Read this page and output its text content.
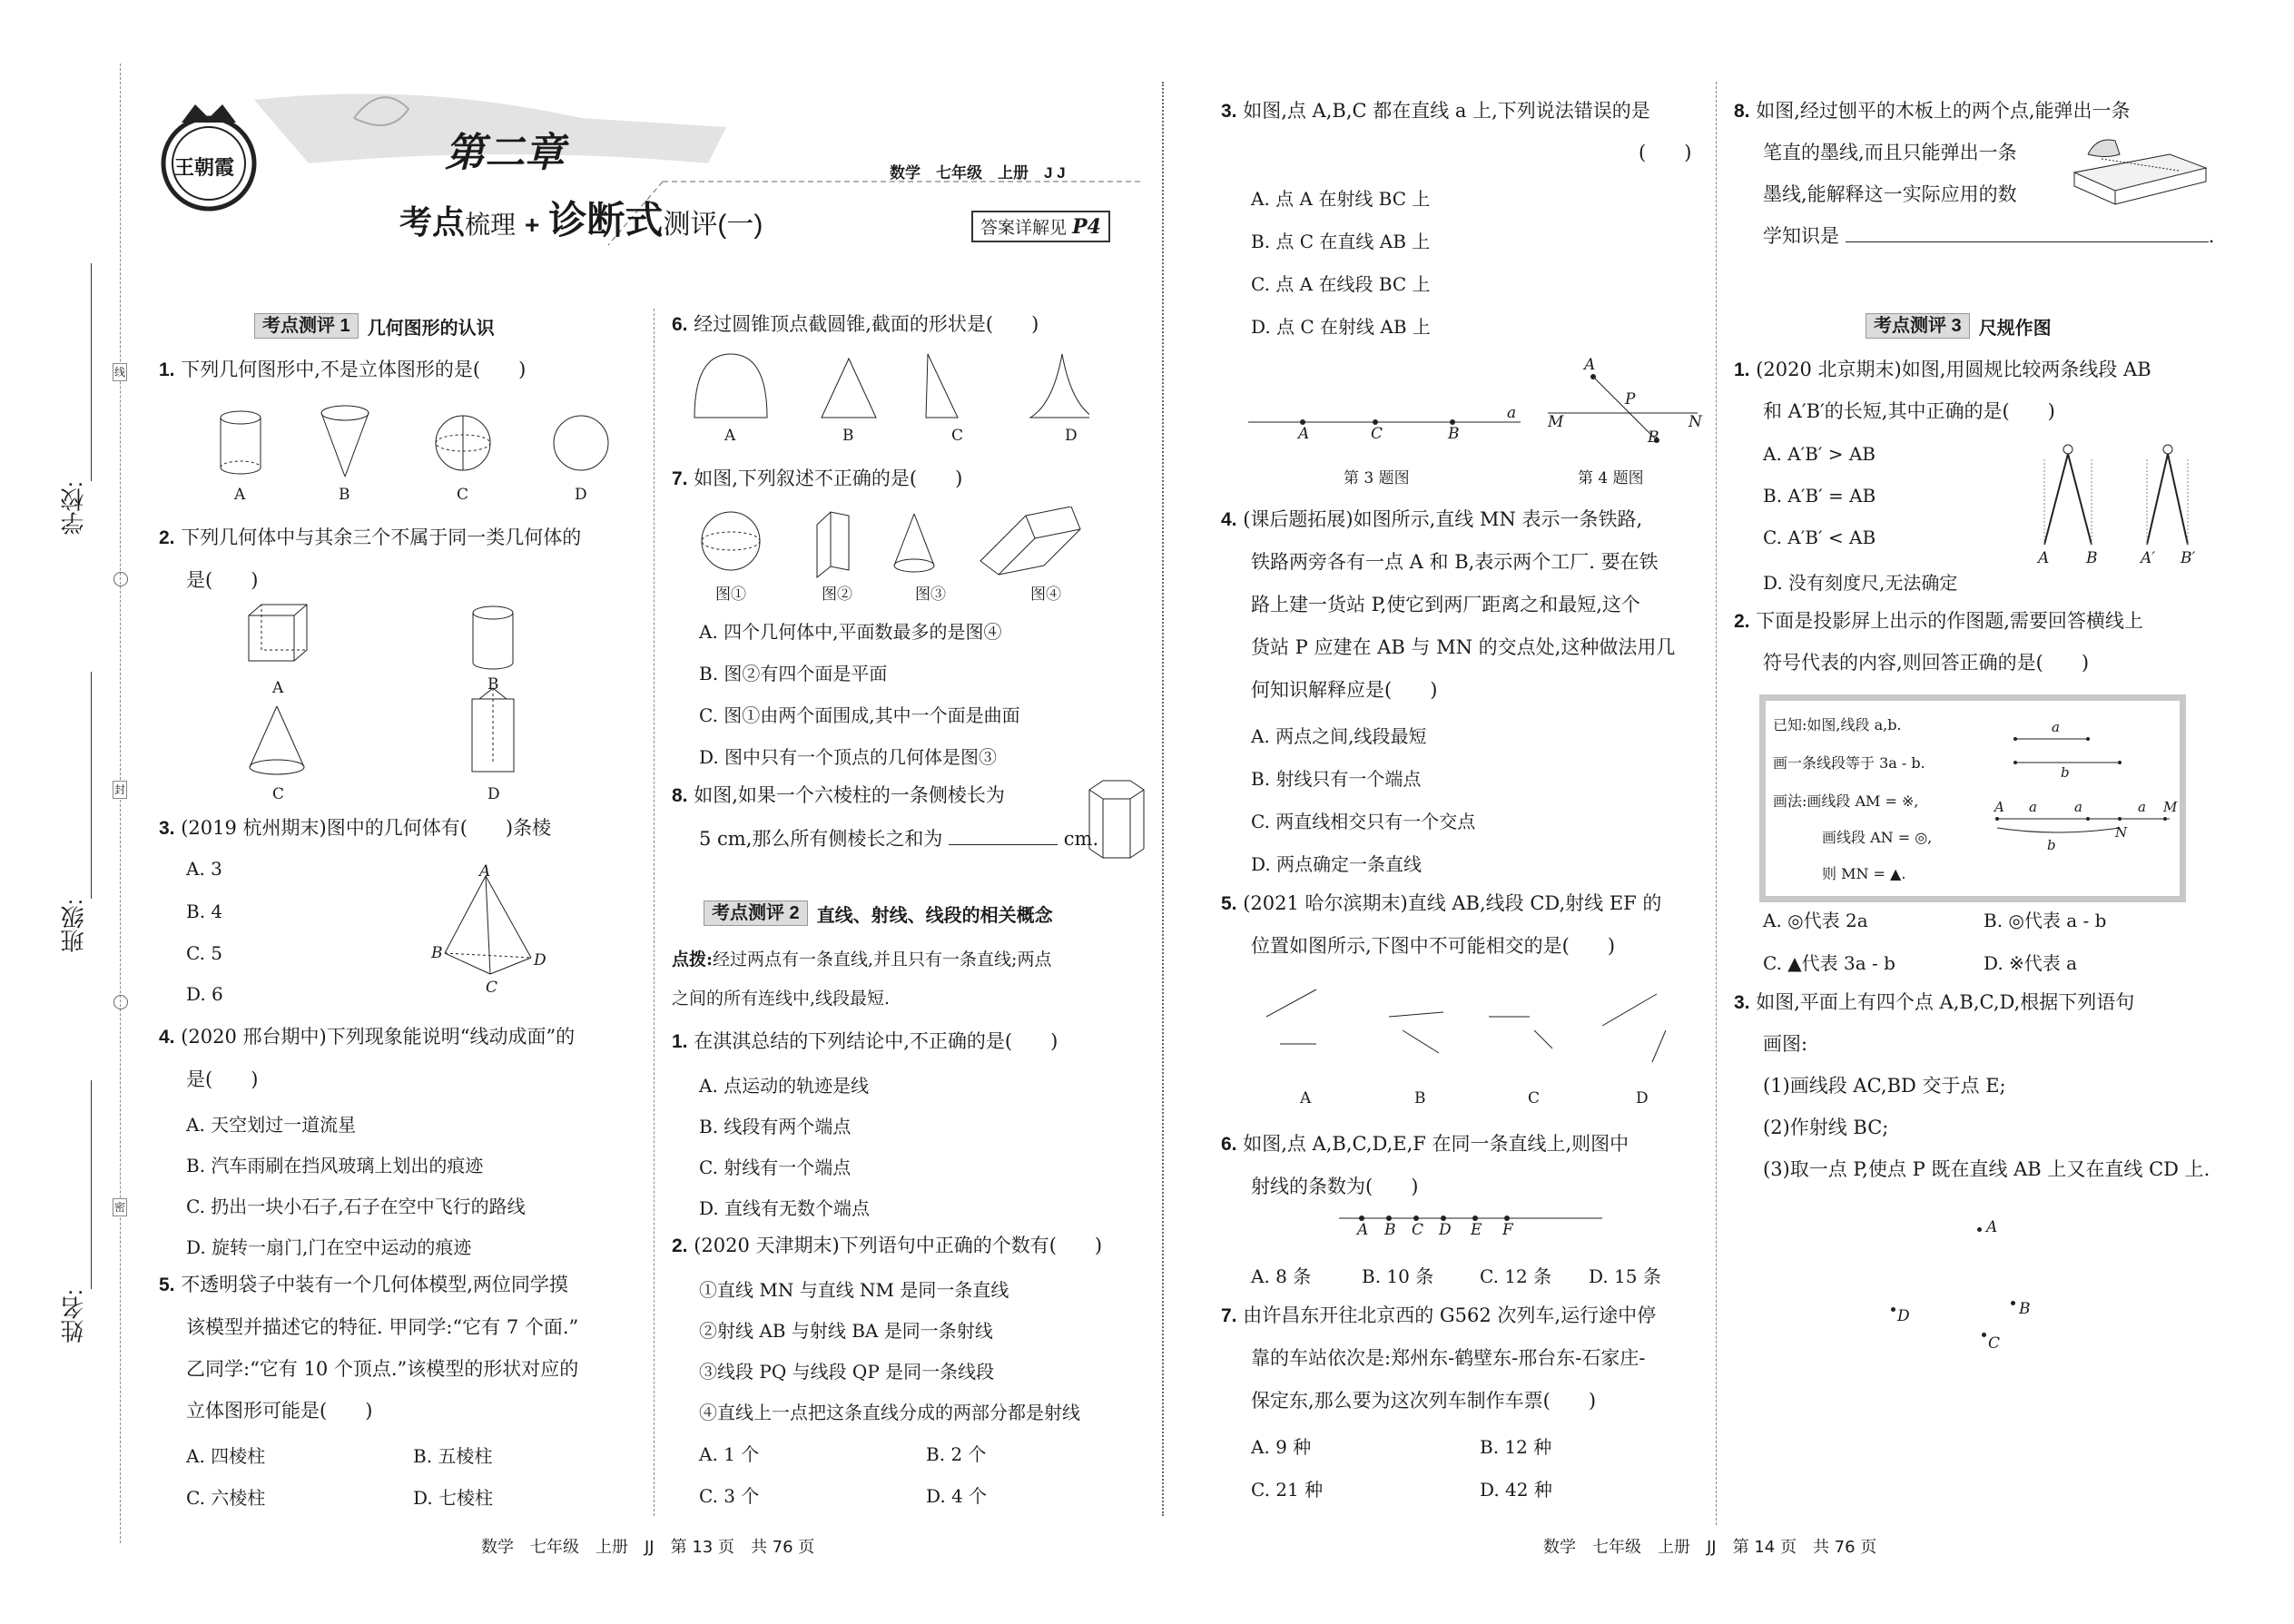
学校:
班级:
姓名:
线
封
密
王朝霞	第二章
考点梳理 + 诊断式测评(一)
数学　七年级　上册　J J
答案详解见 P4
考点测评 1 几何图形的认识
1. 下列几何图形中,不是立体图形的是(　　)
A	B	C	D
2. 下列几何体中与其余三个不属于同一类几何体的
是(　　)
A	B
C	D
3. (2019 杭州期末)图中的几何体有(　　)条棱
A. 3
B. 4
C. 5
D. 6
A
B
C
D
4. (2020 邢台期中)下列现象能说明“线动成面”的
是(　　)
A. 天空划过一道流星
B. 汽车雨刷在挡风玻璃上划出的痕迹
C. 扔出一块小石子,石子在空中飞行的路线
D. 旋转一扇门,门在空中运动的痕迹
5. 不透明袋子中装有一个几何体模型,两位同学摸
该模型并描述它的特征. 甲同学:“它有 7 个面.”
乙同学:“它有 10 个顶点.”该模型的形状对应的
立体图形可能是(　　)
A. 四棱柱	B. 五棱柱
C. 六棱柱	D. 七棱柱
6. 经过圆锥顶点截圆锥,截面的形状是(　　)
A	B	C	D
7. 如图,下列叙述不正确的是(　　)
图①	图②	图③	图④
A. 四个几何体中,平面数最多的是图④
B. 图②有四个面是平面
C. 图①由两个面围成,其中一个面是曲面
D. 图中只有一个顶点的几何体是图③
8. 如图,如果一个六棱柱的一条侧棱长为
5 cm,那么所有侧棱长之和为	cm.
考点测评 2 直线、射线、线段的相关概念
点拨:经过两点有一条直线,并且只有一条直线;两点
之间的所有连线中,线段最短.
1. 在淇淇总结的下列结论中,不正确的是(　　)
A. 点运动的轨迹是线
B. 线段有两个端点
C. 射线有一个端点
D. 直线有无数个端点
2. (2020 天津期末)下列语句中正确的个数有(　　)
①直线 MN 与直线 NM 是同一条直线
②射线 AB 与射线 BA 是同一条射线
③线段 PQ 与线段 QP 是同一条线段
④直线上一点把这条直线分成的两部分都是射线
A. 1 个	B. 2 个
C. 3 个	D. 4 个
3. 如图,点 A,B,C 都在直线 a 上,下列说法错误的是
(　　)
A. 点 A 在射线 BC 上
B. 点 C 在直线 AB 上
C. 点 A 在线段 BC 上
D. 点 C 在射线 AB 上
A	C	B
a
第 3 题图
A
P
M
B
N
第 4 题图
4. (课后题拓展)如图所示,直线 MN 表示一条铁路,
铁路两旁各有一点 A 和 B,表示两个工厂. 要在铁
路上建一货站 P,使它到两厂距离之和最短,这个
货站 P 应建在 AB 与 MN 的交点处,这种做法用几
何知识解释应是(　　)
A. 两点之间,线段最短
B. 射线只有一个端点
C. 两直线相交只有一个交点
D. 两点确定一条直线
5. (2021 哈尔滨期末)直线 AB,线段 CD,射线 EF 的
位置如图所示,下图中不可能相交的是(　　)
A	B	C	D
6. 如图,点 A,B,C,D,E,F 在同一条直线上,则图中
射线的条数为(　　)
A B C D E F
A. 8 条	B. 10 条	C. 12 条 D. 15 条
7. 由许昌东开往北京西的 G562 次列车,运行途中停
靠的车站依次是:郑州东-鹤壁东-邢台东-石家庄-
保定东,那么要为这次列车制作车票(　　)
A. 9 种	B. 12 种
C. 21 种	D. 42 种
8. 如图,经过刨平的木板上的两个点,能弹出一条
笔直的墨线,而且只能弹出一条
墨线,能解释这一实际应用的数
学知识是	.
考点测评 3 尺规作图
1. (2020 北京期末)如图,用圆规比较两条线段 AB
和 A′B′的长短,其中正确的是(　　)
A. A′B′ > AB
B. A′B′ = AB
C. A′B′ < AB
D. 没有刻度尺,无法确定
A B	A′ B′
2. 下面是投影屏上出示的作图题,需要回答横线上
符号代表的内容,则回答正确的是(　　)
已知:如图,线段 a,b.
画一条线段等于 3a - b.
画法:画线段 AM = ※,
画线段 AN = ◎,
则 MN = ▲.
a
b
A a	a	a M
b
N
A. ◎代表 2a	B. ◎代表 a - b
C. ▲代表 3a - b	D. ※代表 a
3. 如图,平面上有四个点 A,B,C,D,根据下列语句
画图:
(1)画线段 AC,BD 交于点 E;
(2)作射线 BC;
(3)取一点 P,使点 P 既在直线 AB 上又在直线 CD 上.
A
D	B
C
数学　七年级　上册　JJ　第 13 页　共 76 页	数学　七年级　上册　JJ　第 14 页　共 76 页
